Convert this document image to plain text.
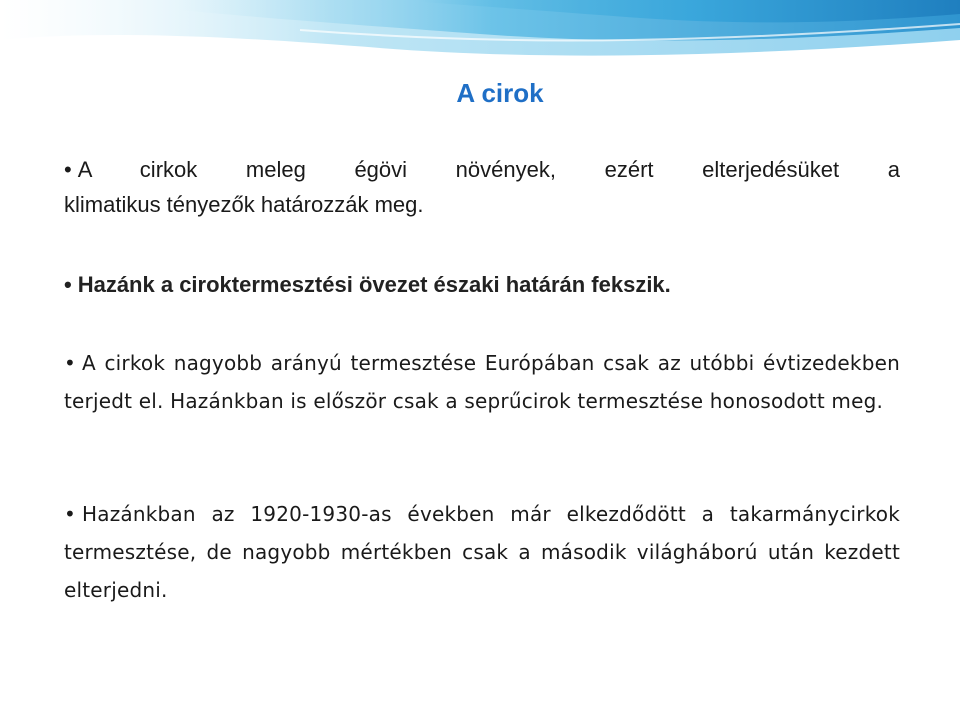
A cirok
• A cirkok meleg égövi növények, ezért elterjedésüket a
klimatikus tényezők határozzák meg.
• Hazánk a ciroktermesztési övezet északi határán fekszik.
• A cirkok nagyobb arányú termesztése Európában csak az utóbbi évtizedekben terjedt el. Hazánkban is először csak a seprűcirok termesztése honosodott meg.
• Hazánkban az 1920-1930-as években már elkezdődött a takarmánycirkok termesztése, de nagyobb mértékben csak a második világháború után kezdett elterjedni.
